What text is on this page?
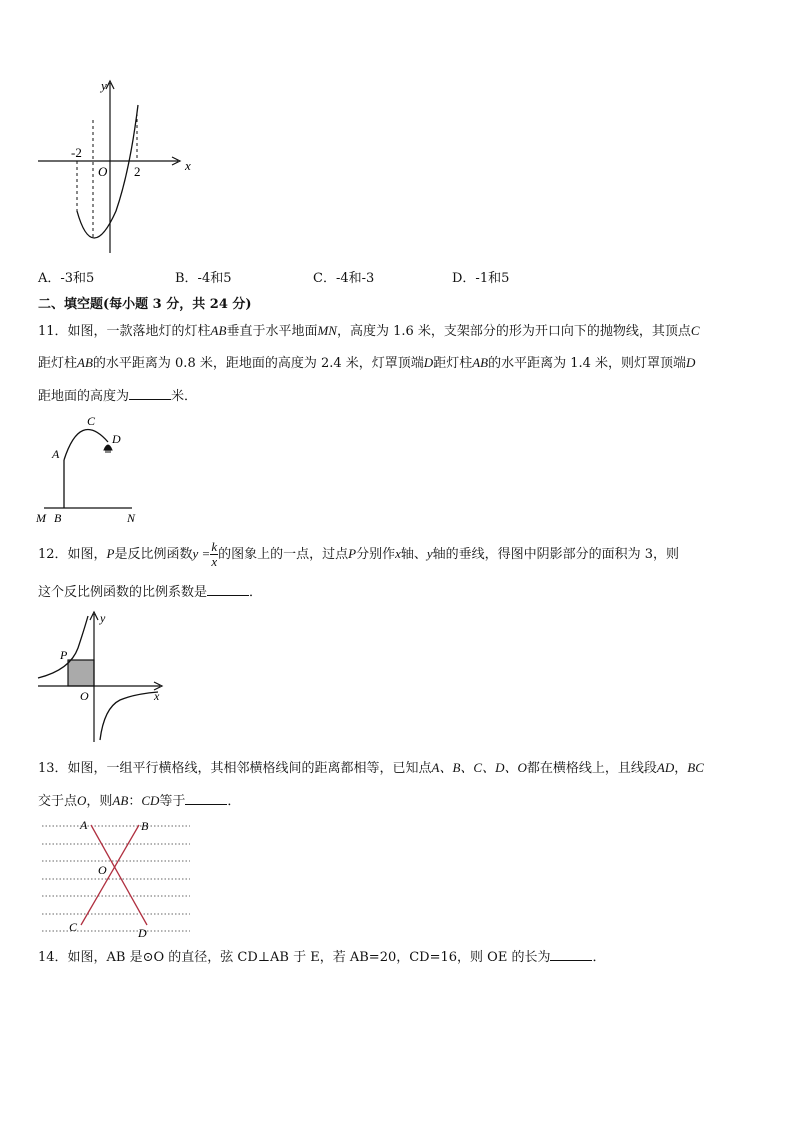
y
x
O
-2
2
A．-3和5	B．-4和5	C．-4和-3	D．-1和5
二、填空题(每小题 3 分，共 24 分)
11．如图，一款落地灯的灯柱AB垂直于水平地面MN，高度为 1.6 米，支架部分的形为开口向下的抛物线，其顶点C
距灯柱AB的水平距离为 0.8 米，距地面的高度为 2.4 米，灯罩顶端D距灯柱AB的水平距离为 1.4 米，则灯罩顶端D
距地面的高度为	米．
A
C
D
M B	N
12．如图，P是反比例函数$y = \frac{k}{x}$ 的图象上的一点，过点P分别作x轴、y轴的垂线，得图中阴影部分的面积为 3，则
这个反比例函数的比例系数是	．
P
y
x
O
13．如图，一组平行横格线，其相邻横格线间的距离都相等，已知点A、B、C、D、O都在横格线上，且线段AD，BC
交于点O，则AB：CD等于	．
A	B
O
C	D
14．如图，AB 是⊙O 的直径，弦 CD⊥AB 于 E，若 AB=20，CD=16，则 OE 的长为	．
